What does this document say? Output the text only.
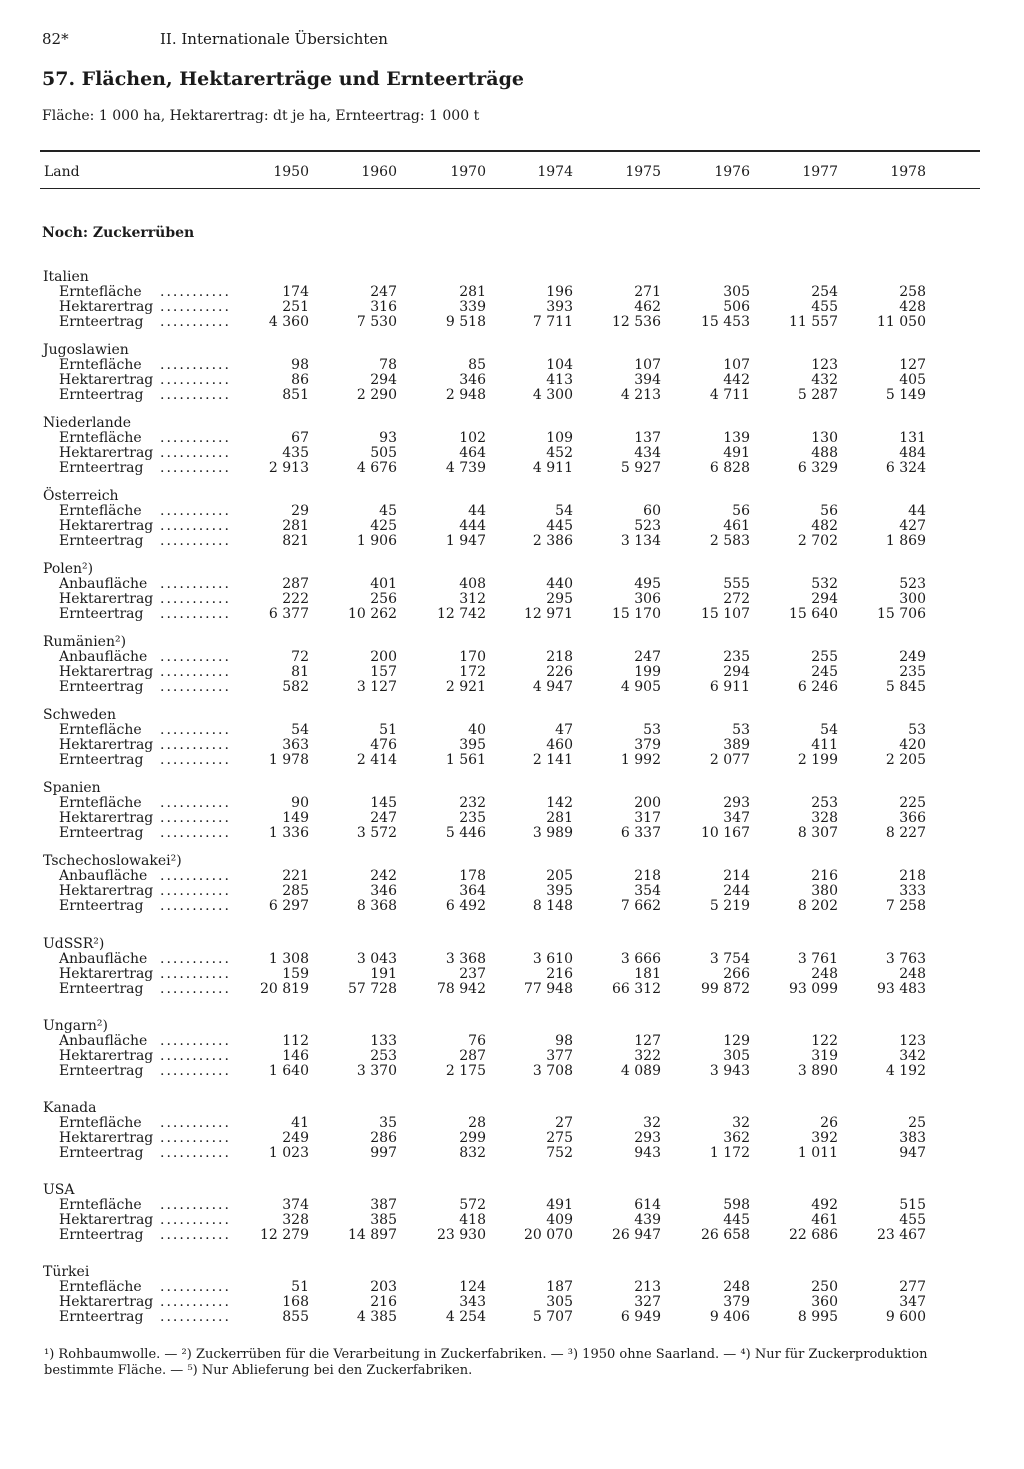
82*	II. Internationale Übersichten
57. Flächen, Hektarerträge und Ernteerträge
Fläche: 1 000 ha, Hektarertrag: dt je ha, Ernteertrag: 1 000 t
Land	1950	1960	1970	1974	1975	1976	1977	1978
Noch: Zuckerrüben
Italien
Erntefläche ...........	174	247	281	196	271	305	254	258
Hektarertrag ...........	251	316	339	393	462	506	455	428
Ernteertrag ...........	4 360	7 530	9 518	7 711	12 536	15 453	11 557	11 050
Jugoslawien
Erntefläche ...........	98	78	85	104	107	107	123	127
Hektarertrag ...........	86	294	346	413	394	442	432	405
Ernteertrag ...........	851	2 290	2 948	4 300	4 213	4 711	5 287	5 149
Niederlande
Erntefläche ...........	67	93	102	109	137	139	130	131
Hektarertrag ...........	435	505	464	452	434	491	488	484
Ernteertrag ...........	2 913	4 676	4 739	4 911	5 927	6 828	6 329	6 324
Österreich
Erntefläche ...........	29	45	44	54	60	56	56	44
Hektarertrag ...........	281	425	444	445	523	461	482	427
Ernteertrag ...........	821	1 906	1 947	2 386	3 134	2 583	2 702	1 869
Polen²)
Anbaufläche ...........	287	401	408	440	495	555	532	523
Hektarertrag ...........	222	256	312	295	306	272	294	300
Ernteertrag ...........	6 377	10 262	12 742	12 971	15 170	15 107	15 640	15 706
Rumänien²)
Anbaufläche ...........	72	200	170	218	247	235	255	249
Hektarertrag ...........	81	157	172	226	199	294	245	235
Ernteertrag ...........	582	3 127	2 921	4 947	4 905	6 911	6 246	5 845
Schweden
Erntefläche ...........	54	51	40	47	53	53	54	53
Hektarertrag ...........	363	476	395	460	379	389	411	420
Ernteertrag ...........	1 978	2 414	1 561	2 141	1 992	2 077	2 199	2 205
Spanien
Erntefläche ...........	90	145	232	142	200	293	253	225
Hektarertrag ...........	149	247	235	281	317	347	328	366
Ernteertrag ...........	1 336	3 572	5 446	3 989	6 337	10 167	8 307	8 227
Tschechoslowakei²)
Anbaufläche ...........	221	242	178	205	218	214	216	218
Hektarertrag ...........	285	346	364	395	354	244	380	333
Ernteertrag ...........	6 297	8 368	6 492	8 148	7 662	5 219	8 202	7 258
UdSSR²)
Anbaufläche ...........	1 308	3 043	3 368	3 610	3 666	3 754	3 761	3 763
Hektarertrag ...........	159	191	237	216	181	266	248	248
Ernteertrag ...........	20 819	57 728	78 942	77 948	66 312	99 872	93 099	93 483
Ungarn²)
Anbaufläche ...........	112	133	76	98	127	129	122	123
Hektarertrag ...........	146	253	287	377	322	305	319	342
Ernteertrag ...........	1 640	3 370	2 175	3 708	4 089	3 943	3 890	4 192
Kanada
Erntefläche ...........	41	35	28	27	32	32	26	25
Hektarertrag ...........	249	286	299	275	293	362	392	383
Ernteertrag ...........	1 023	997	832	752	943	1 172	1 011	947
USA
Erntefläche ...........	374	387	572	491	614	598	492	515
Hektarertrag ...........	328	385	418	409	439	445	461	455
Ernteertrag ...........	12 279	14 897	23 930	20 070	26 947	26 658	22 686	23 467
Türkei
Erntefläche ...........	51	203	124	187	213	248	250	277
Hektarertrag ...........	168	216	343	305	327	379	360	347
Ernteertrag ...........	855	4 385	4 254	5 707	6 949	9 406	8 995	9 600
¹) Rohbaumwolle. — ²) Zuckerrüben für die Verarbeitung in Zuckerfabriken. — ³) 1950 ohne Saarland. — ⁴) Nur für Zuckerproduktion bestimmte Fläche. — ⁵) Nur Ablieferung bei den Zuckerfabriken.
